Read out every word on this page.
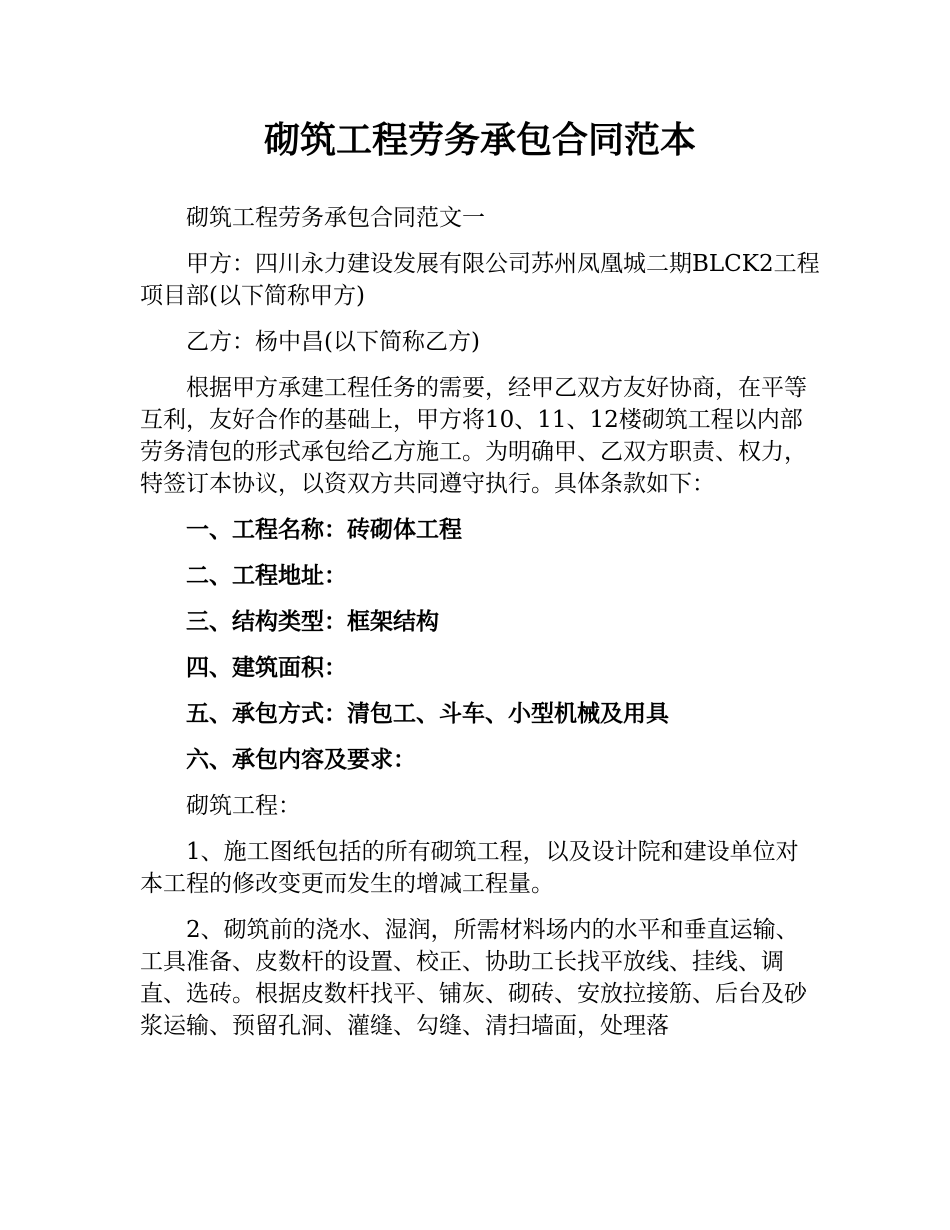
砌筑工程劳务承包合同范本

砌筑工程劳务承包合同范文一

甲方：四川永力建设发展有限公司苏州凤凰城二期BLCK2工程项目部(以下简称甲方)

乙方：杨中昌(以下简称乙方)

根据甲方承建工程任务的需要，经甲乙双方友好协商，在平等互利，友好合作的基础上，甲方将10、11、12楼砌筑工程以内部劳务清包的形式承包给乙方施工。为明确甲、乙双方职责、权力，特签订本协议，以资双方共同遵守执行。具体条款如下：

一、工程名称：砖砌体工程

二、工程地址：

三、结构类型：框架结构

四、建筑面积：

五、承包方式：清包工、斗车、小型机械及用具

六、承包内容及要求：

砌筑工程：

1、施工图纸包括的所有砌筑工程，以及设计院和建设单位对本工程的修改变更而发生的增减工程量。

2、砌筑前的浇水、湿润，所需材料场内的水平和垂直运输、工具准备、皮数杆的设置、校正、协助工长找平放线、挂线、调直、选砖。根据皮数杆找平、铺灰、砌砖、安放拉接筋、后台及砂浆运输、预留孔洞、灌缝、勾缝、清扫墙面，处理落
